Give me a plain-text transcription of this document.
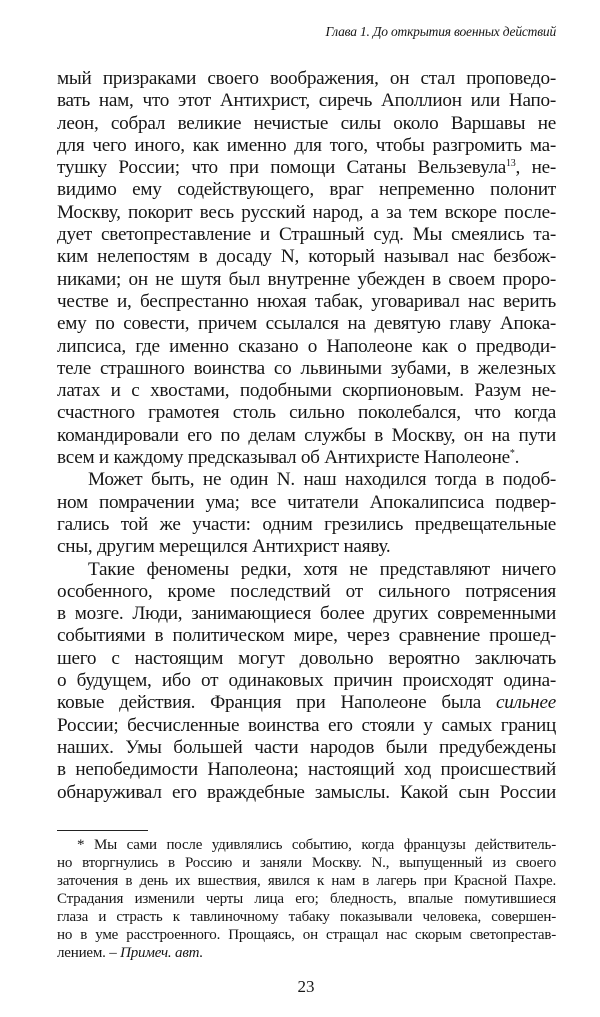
Глава 1. До открытия военных действий
мый призраками своего воображения, он стал проповедо-
вать нам, что этот Антихрист, сиречь Аполлион или Напо-
леон, собрал великие нечистые силы около Варшавы не
для чего иного, как именно для того, чтобы разгромить ма-
тушку России; что при помощи Сатаны Вельзевула$^{13}$, не-
видимо ему содействующего, враг непременно полонит
Москву, покорит весь русский народ, а за тем вскоре после-
дует светопреставление и Страшный суд. Мы смеялись та-
ким нелепостям в досаду N, который называл нас безбож-
никами; он не шутя был внутренне убежден в своем проро-
честве и, беспрестанно нюхая табак, уговаривал нас верить
ему по совести, причем ссылался на девятую главу Апока-
липсиса, где именно сказано о Наполеоне как о предводи-
теле страшного воинства со львиными зубами, в железных
латах и с хвостами, подобными скорпионовым. Разум не-
счастного грамотея столь сильно поколебался, что когда
командировали его по делам службы в Москву, он на пути
всем и каждому предсказывал об Антихристе Наполеоне*.
Может быть, не один N. наш находился тогда в подоб-
ном помрачении ума; все читатели Апокалипсиса подвер-
гались той же участи: одним грезились предвещательные
сны, другим мерещился Антихрист наяву.
Такие феномены редки, хотя не представляют ничего
особенного, кроме последствий от сильного потрясения
в мозге. Люди, занимающиеся более других современными
событиями в политическом мире, через сравнение прошед-
шего с настоящим могут довольно вероятно заключать
о будущем, ибо от одинаковых причин происходят одина-
ковые действия. Франция при Наполеоне была сильнее
России; бесчисленные воинства его стояли у самых границ
наших. Умы большей части народов были предубеждены
в непобедимости Наполеона; настоящий ход происшествий
обнаруживал его враждебные замыслы. Какой сын России
* Мы сами после удивлялись событию, когда французы действитель-
но вторгнулись в Россию и заняли Москву. N., выпущенный из своего
заточения в день их вшествия, явился к нам в лагерь при Красной Пахре.
Страдания изменили черты лица его; бледность, впалые помутившиеся
глаза и страсть к тавлиночному табаку показывали человека, совершен-
но в уме расстроенного. Прощаясь, он стращал нас скорым светопрестав-
лением. – Примеч. авт.
23
